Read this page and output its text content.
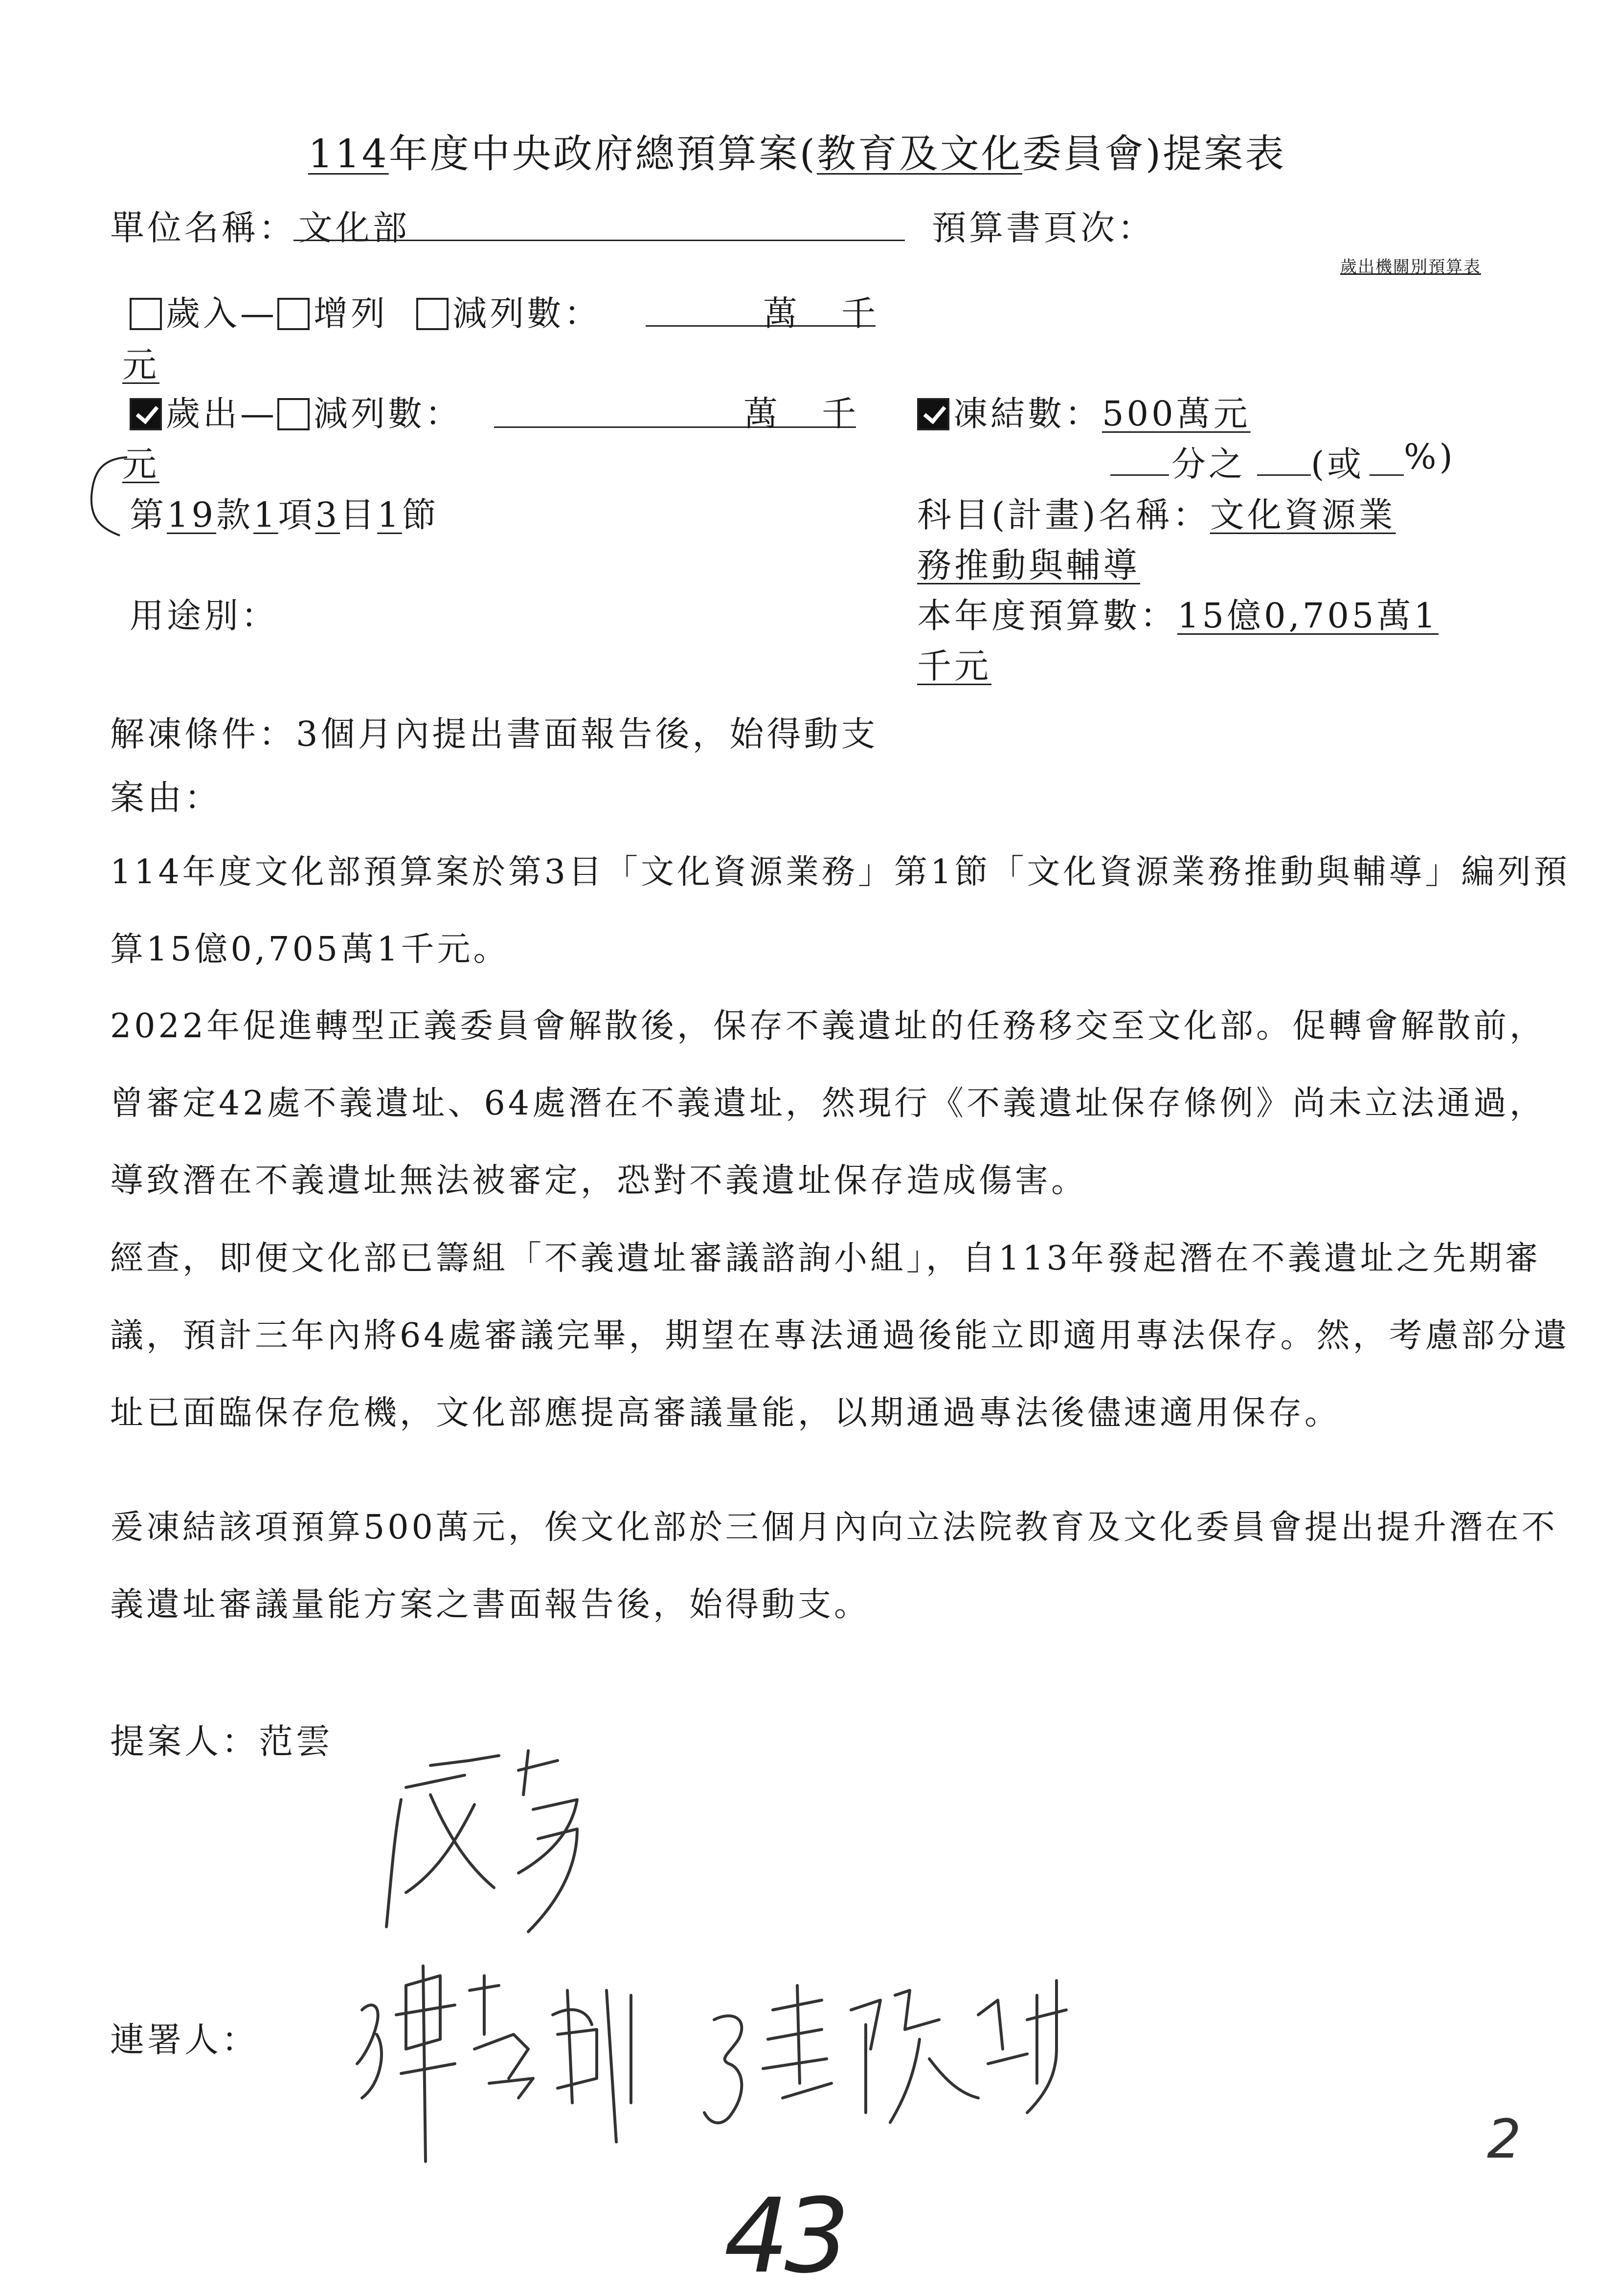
114年度中央政府總預算案(教育及文化委員會)提案表
單位名稱： 文化部	預算書頁次：
歲出機關別預算表
歲入— 增列 減列數：	萬 千
元
歲出— 減列數：	萬 千	凍結數：500萬元
元	分之 (或 %)
第19款1項3目1節	科目(計畫)名稱：文化資源業
務推動與輔導
用途別：	本年度預算數：15億0,705萬1
千元
解凍條件：3個月內提出書面報告後，始得動支
案由：
114年度文化部預算案於第3目「文化資源業務」第1節「文化資源業務推動與輔導」編列預算15億0,705萬1千元。
2022年促進轉型正義委員會解散後，保存不義遺址的任務移交至文化部。促轉會解散前，曾審定42處不義遺址、64處潛在不義遺址，然現行《不義遺址保存條例》尚未立法通過，導致潛在不義遺址無法被審定，恐對不義遺址保存造成傷害。
經查，即便文化部已籌組「不義遺址審議諮詢小組」，自113年發起潛在不義遺址之先期審議，預計三年內將64處審議完畢，期望在專法通過後能立即適用專法保存。然，考慮部分遺址已面臨保存危機，文化部應提高審議量能，以期通過專法後儘速適用保存。
爰凍結該項預算500萬元，俟文化部於三個月內向立法院教育及文化委員會提出提升潛在不義遺址審議量能方案之書面報告後，始得動支。
提案人：范雲
連署人：
43
2
